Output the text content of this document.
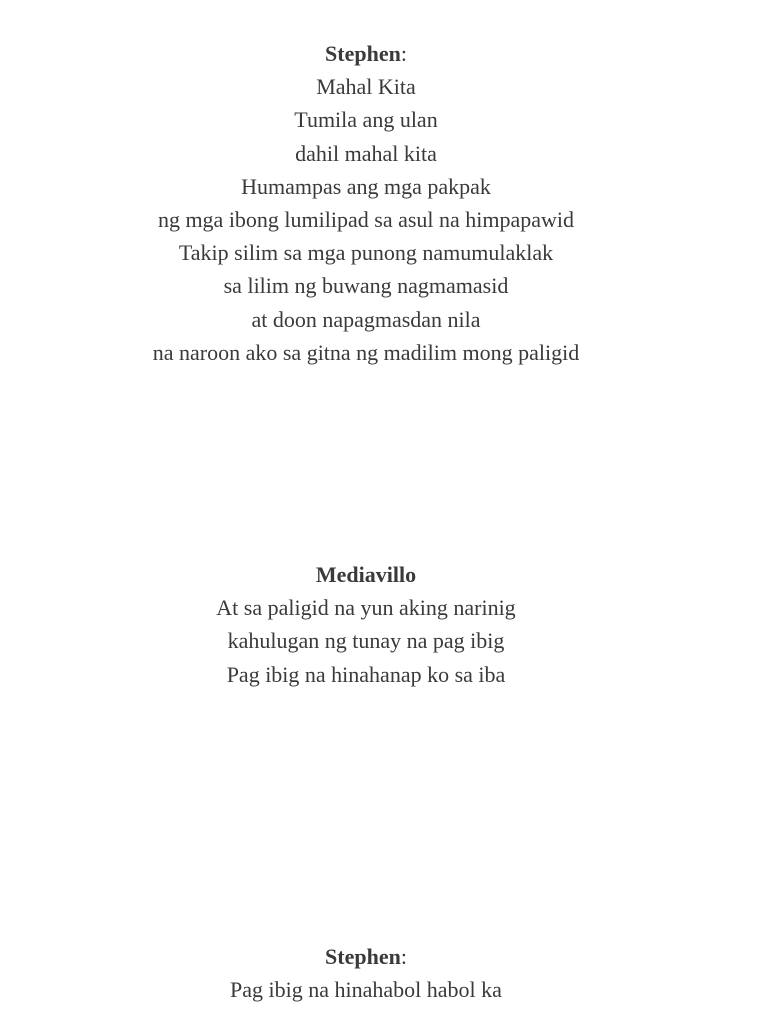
Stephen:
Mahal Kita
Tumila ang ulan
dahil mahal kita
Humampas ang mga pakpak
ng mga ibong lumilipad sa asul na himpapawid
Takip silim sa mga punong namumulaklak
sa lilim ng buwang nagmamasid
at doon napagmasdan nila
na naroon ako sa gitna ng madilim mong paligid
Mediavillo
At sa paligid na yun aking narinig
kahulugan ng tunay na pag ibig
Pag ibig na hinahanap ko sa iba
Stephen:
Pag ibig na hinahabol habol ka
